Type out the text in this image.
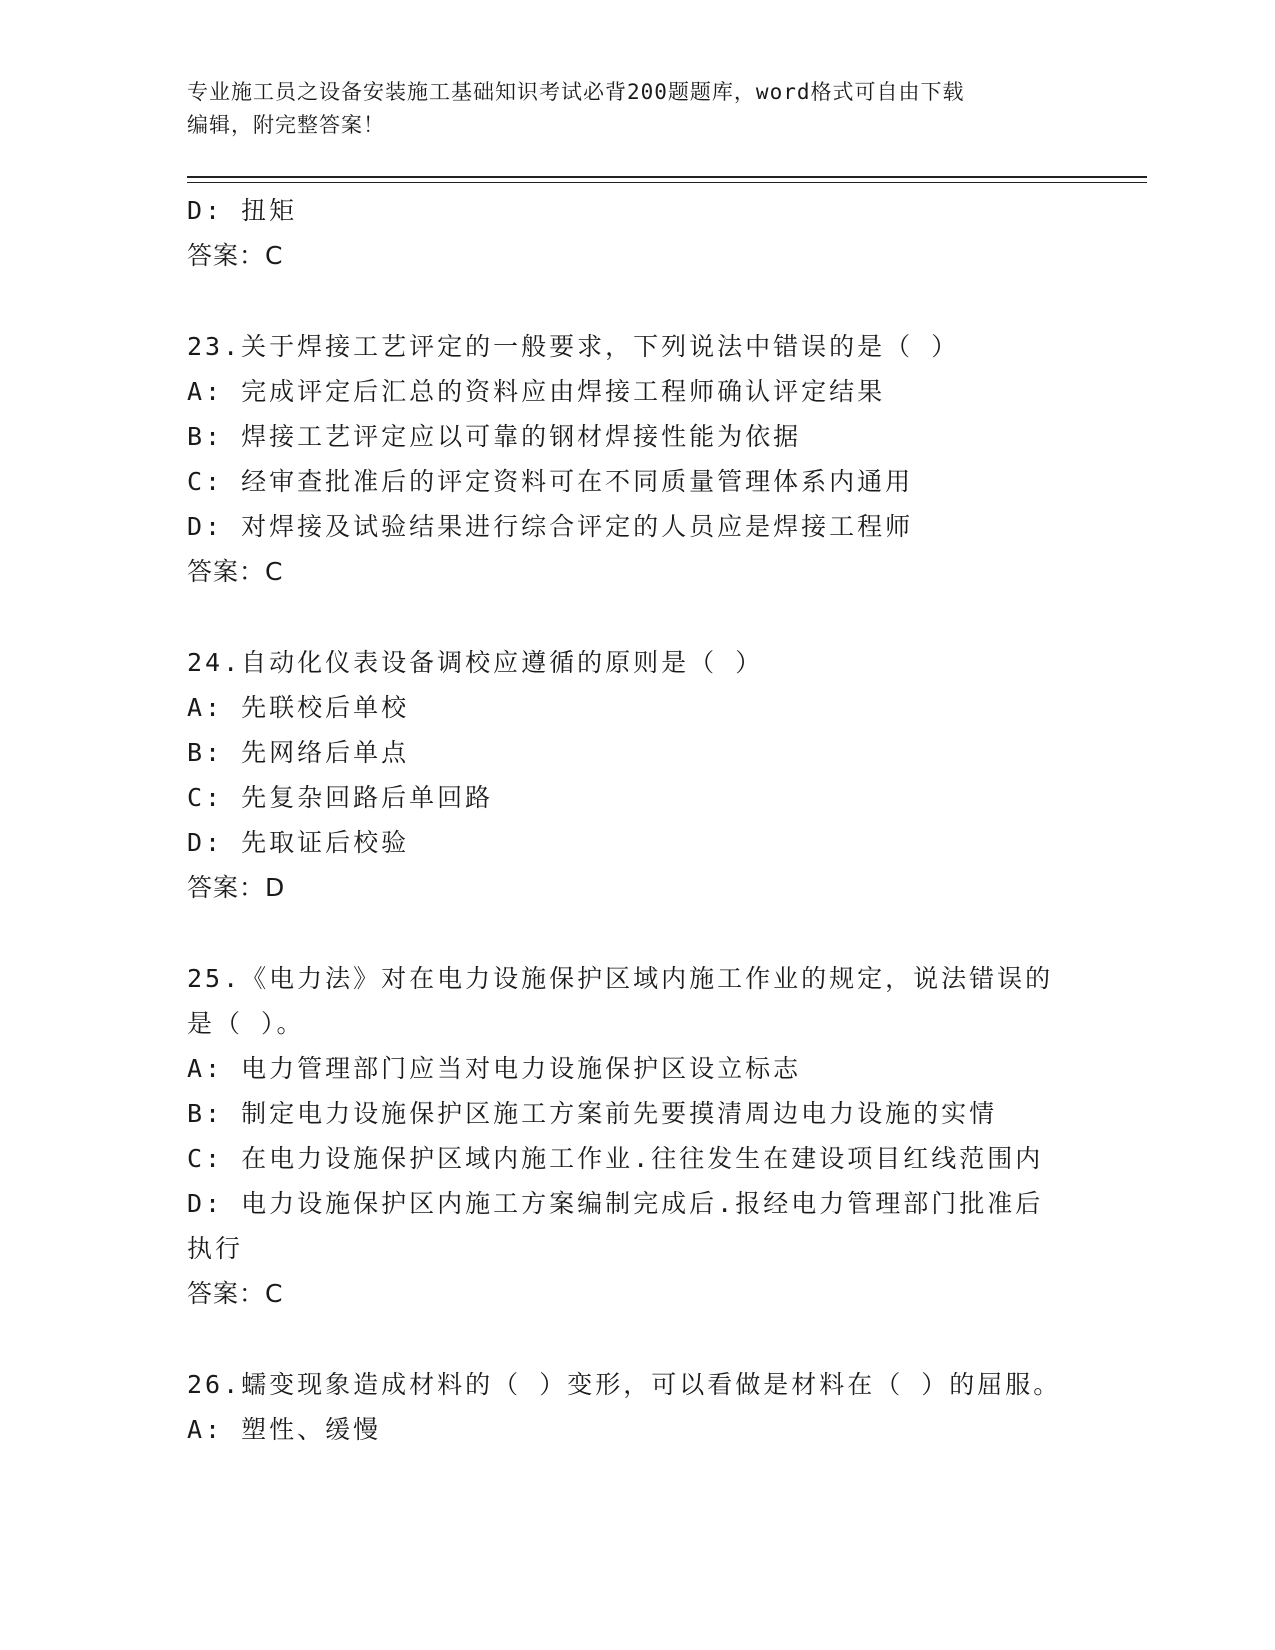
专业施工员之设备安装施工基础知识考试必背200题题库，word格式可自由下载
编辑，附完整答案！
D: 扭矩
答案：C
23.关于焊接工艺评定的一般要求，下列说法中错误的是（ ）
A: 完成评定后汇总的资料应由焊接工程师确认评定结果
B: 焊接工艺评定应以可靠的钢材焊接性能为依据
C: 经审查批准后的评定资料可在不同质量管理体系内通用
D: 对焊接及试验结果进行综合评定的人员应是焊接工程师
答案：C
24.自动化仪表设备调校应遵循的原则是（ ）
A: 先联校后单校
B: 先网络后单点
C: 先复杂回路后单回路
D: 先取证后校验
答案：D
25.《电力法》对在电力设施保护区域内施工作业的规定，说法错误的
是（ ）。
A: 电力管理部门应当对电力设施保护区设立标志
B: 制定电力设施保护区施工方案前先要摸清周边电力设施的实情
C: 在电力设施保护区域内施工作业.往往发生在建设项目红线范围内
D: 电力设施保护区内施工方案编制完成后.报经电力管理部门批准后
执行
答案：C
26.蠕变现象造成材料的（ ）变形，可以看做是材料在（ ）的屈服。
A: 塑性、缓慢
